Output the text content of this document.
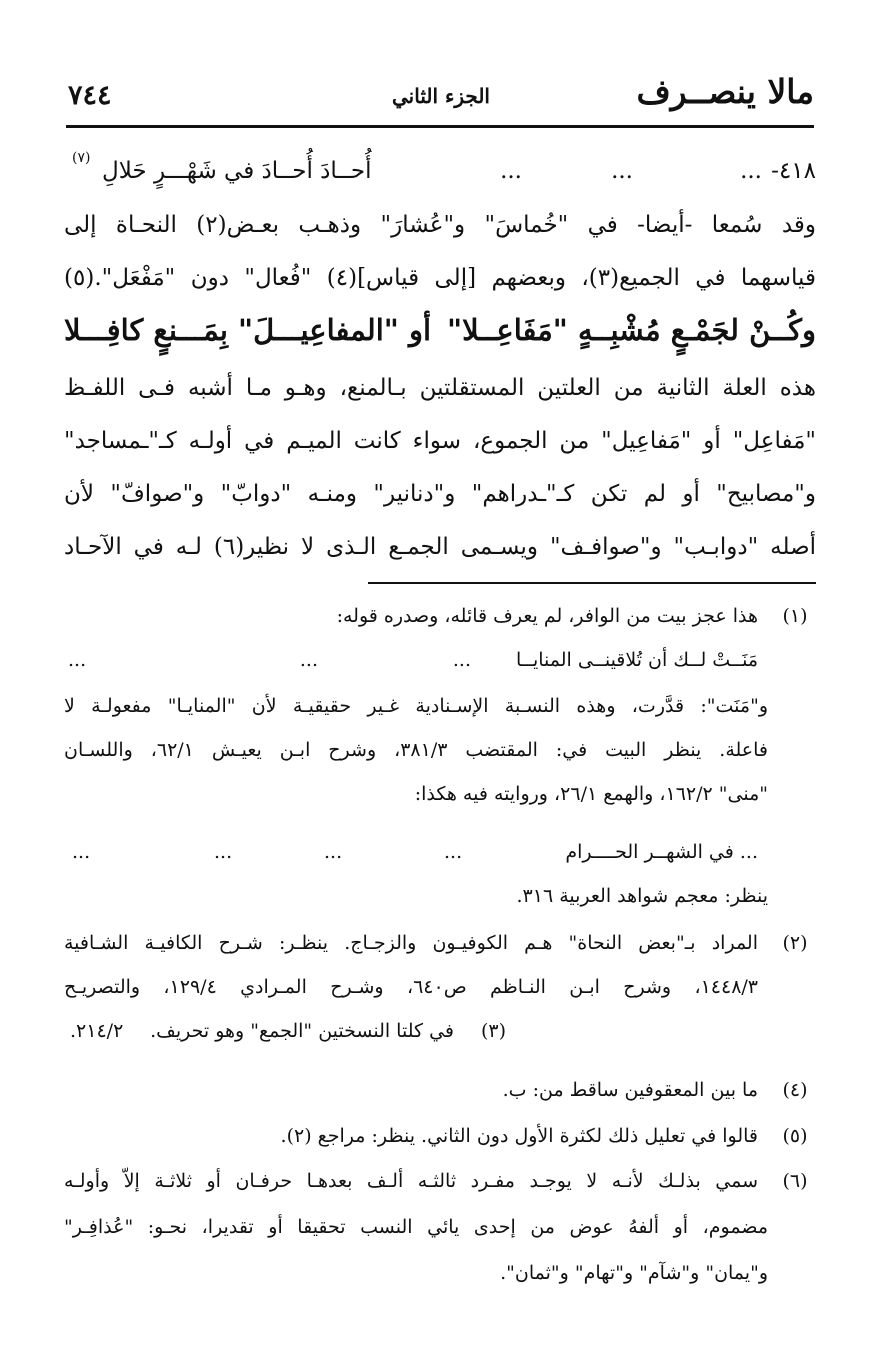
٧٤٤	الجزء الثاني	مالا ينصــرف
٤١٨-
...
...
...
أُحــادَ أُحــادَ في شَهْـــرٍ حَلالِ
(٧)
وقد سُمعا -أيضا- في "خُماسَ" و"عُشارَ" وذهـب بعـض(٢) النحـاة إلى
قياسهما في الجميع(٣)، وبعضهم [إلى قياس](٤) "فُعال" دون "مَفْعَل".(٥)
وكُــنْ لجَمْـعٍ مُشْبِــهٍ "مَفَاعِــلا"
أو "المفاعِيـــلَ" بِمَـــنعٍ كافِـــلا
هذه العلة الثانية من العلتين المستقلتين بـالمنع، وهـو مـا أشبه فـى اللفـظ
"مَفاعِل" أو "مَفاعِيل" من الجموع، سواء كانت الميـم في أولـه كـ"ـمساجد"
و"مصابيح" أو لم تكن كـ"ـدراهم" و"دنانير" ومنـه "دوابّ" و"صوافّ" لأن
أصله "دوابـب" و"صوافـف" ويسـمى الجمـع الـذى لا نظير(٦) لـه في الآحـاد
(١)
هذا عجز بيت من الوافر، لم يعرف قائله، وصدره قوله:
مَنَــتْ لــك أن تُلاقينــى المنايــا
...
...
...
و"مَنَت": قدَّرت، وهذه النسـبة الإسـنادية غـير حقيقيـة لأن "المنايـا" مفعولـة لا
فاعلة. ينظر البيت في: المقتضب ٣٨١/٣، وشرح ابـن يعيـش ٦٢/١، واللسـان
"منى" ١٦٢/٢، والهمع ٢٦/١، وروايته فيه هكذا:
...	...	...	...	... في الشهــر الحــــرام
ينظر: معجم شواهد العربية ٣١٦.
(٢)
المراد بـ"بعض النحاة" هـم الكوفيـون والزجـاج. ينظـر: شـرح الكافيـة الشـافية
١٤٤٨/٣، وشرح ابـن النـاظم ص٦٤٠، وشـرح المـرادي ١٢٩/٤، والتصريـح
٢١٤/٢.	(٣)
في كلتا النسختين "الجمع" وهو تحريف.
(٤)
ما بين المعقوفين ساقط من: ب.
(٥)
قالوا في تعليل ذلك لكثرة الأول دون الثاني. ينظر: مراجع (٢).
(٦)
سمي بذلـك لأنـه لا يوجـد مفـرد ثالثـه ألـف بعدهـا حرفـان أو ثلاثـة إلاّ وأولـه
مضموم، أو ألفهُ عوض من إحدى يائي النسب تحقيقا أو تقديرا، نحـو: "عُذافِـر"
و"يمان" و"شآم" و"تهام" و"ثمان".
